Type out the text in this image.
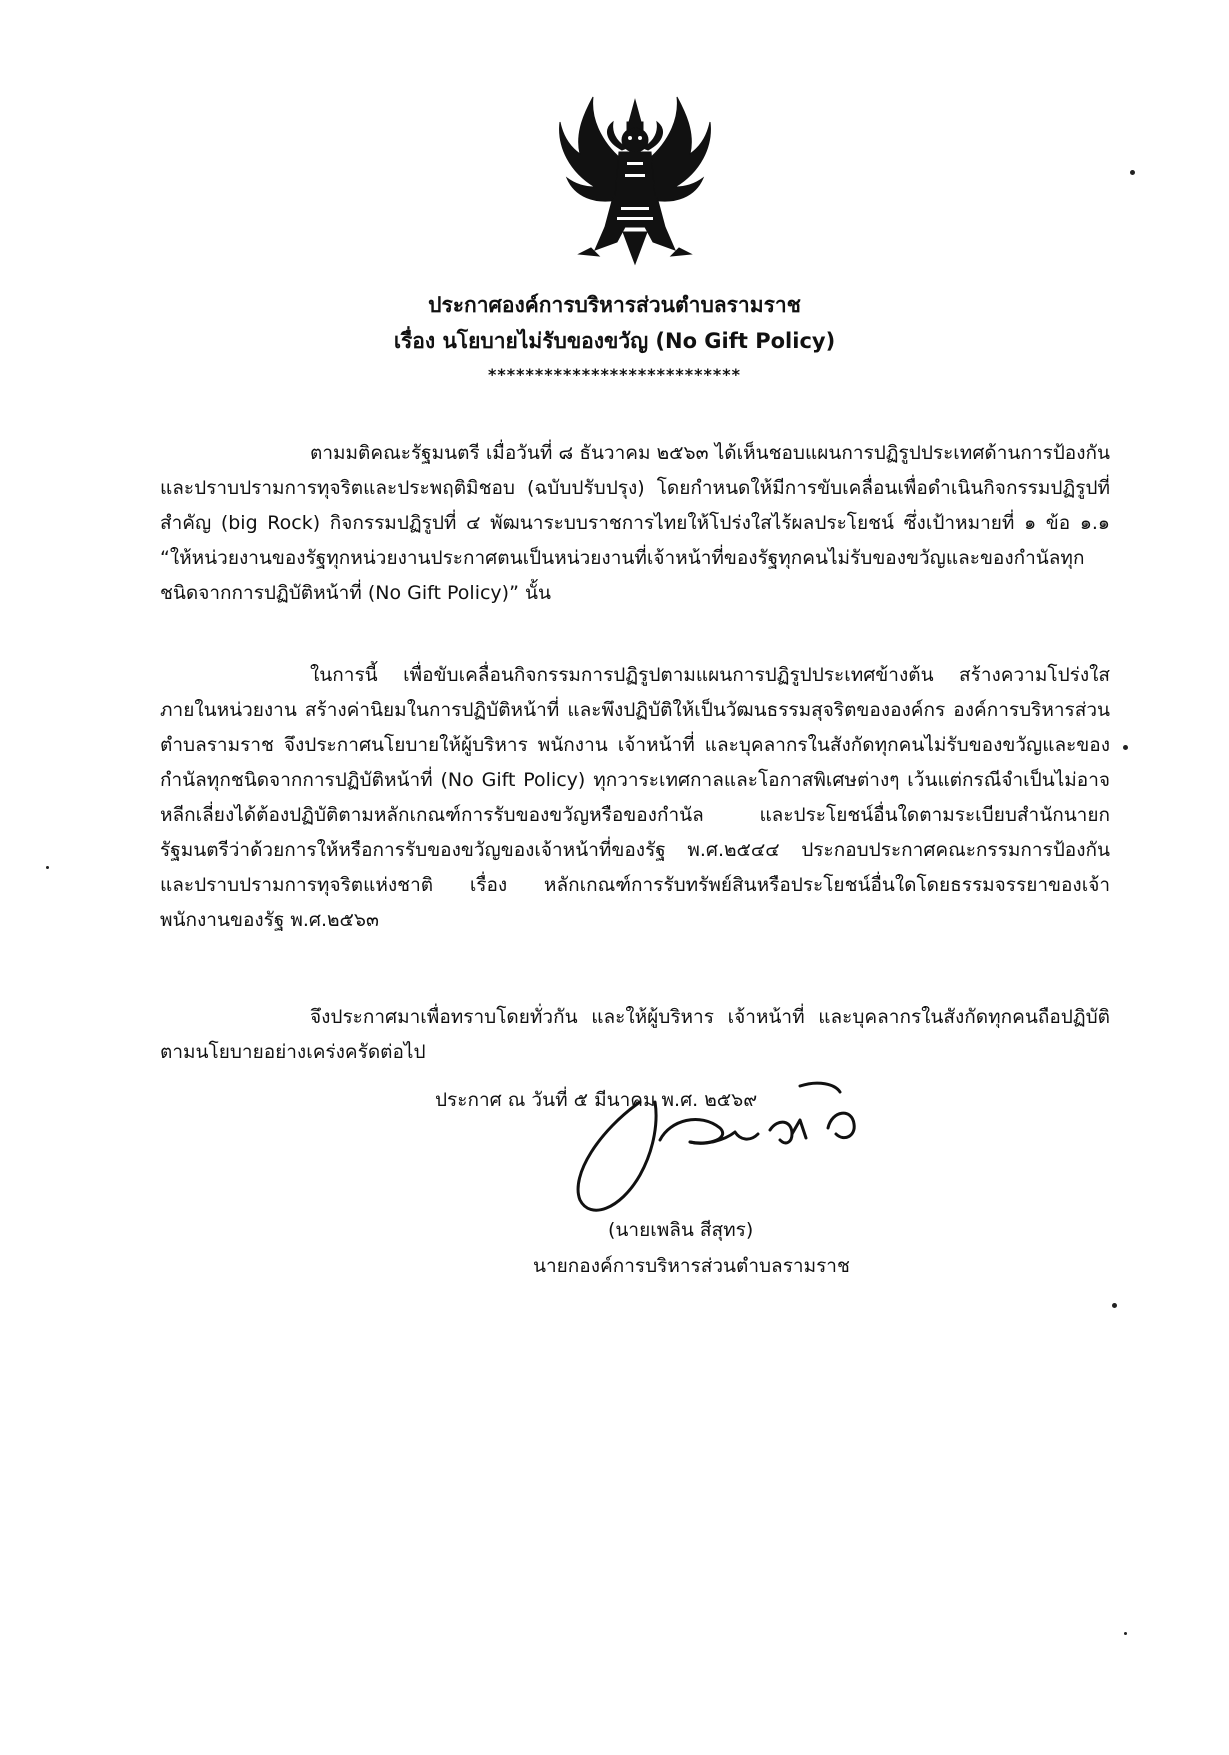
ประกาศองค์การบริหารส่วนตำบลรามราช

เรื่อง นโยบายไม่รับของขวัญ (No Gift Policy)

***************************

ตามมติคณะรัฐมนตรี เมื่อวันที่ ๘ ธันวาคม ๒๕๖๓ ได้เห็นชอบแผนการปฏิรูปประเทศด้านการป้องกันและปราบปรามการทุจริตและประพฤติมิชอบ (ฉบับปรับปรุง) โดยกำหนดให้มีการขับเคลื่อนเพื่อดำเนินกิจกรรมปฏิรูปที่สำคัญ (big Rock) กิจกรรมปฏิรูปที่ ๔ พัฒนาระบบราชการไทยให้โปร่งใสไร้ผลประโยชน์ ซึ่งเป้าหมายที่ ๑ ข้อ ๑.๑ “ให้หน่วยงานของรัฐทุกหน่วยงานประกาศตนเป็นหน่วยงานที่เจ้าหน้าที่ของรัฐทุกคนไม่รับของขวัญและของกำนัลทุกชนิดจากการปฏิบัติหน้าที่ (No Gift Policy)” นั้น

ในการนี้ เพื่อขับเคลื่อนกิจกรรมการปฏิรูปตามแผนการปฏิรูปประเทศข้างต้น สร้างความโปร่งใสภายในหน่วยงาน สร้างค่านิยมในการปฏิบัติหน้าที่ และพึงปฏิบัติให้เป็นวัฒนธรรมสุจริตขององค์กร องค์การบริหารส่วนตำบลรามราช จึงประกาศนโยบายให้ผู้บริหาร พนักงาน เจ้าหน้าที่ และบุคลากรในสังกัดทุกคนไม่รับของขวัญและของกำนัลทุกชนิดจากการปฏิบัติหน้าที่ (No Gift Policy) ทุกวาระเทศกาลและโอกาสพิเศษต่างๆ เว้นแต่กรณีจำเป็นไม่อาจหลีกเลี่ยงได้ต้องปฏิบัติตามหลักเกณฑ์การรับของขวัญหรือของกำนัล และประโยชน์อื่นใดตามระเบียบสำนักนายกรัฐมนตรีว่าด้วยการให้หรือการรับของขวัญของเจ้าหน้าที่ของรัฐ พ.ศ.๒๕๔๔ ประกอบประกาศคณะกรรมการป้องกันและปราบปรามการทุจริตแห่งชาติ เรื่อง หลักเกณฑ์การรับทรัพย์สินหรือประโยชน์อื่นใดโดยธรรมจรรยาของเจ้าพนักงานของรัฐ พ.ศ.๒๕๖๓

จึงประกาศมาเพื่อทราบโดยทั่วกัน และให้ผู้บริหาร เจ้าหน้าที่ และบุคลากรในสังกัดทุกคนถือปฏิบัติตามนโยบายอย่างเคร่งครัดต่อไป

ประกาศ ณ วันที่ ๕ มีนาคม พ.ศ. ๒๕๖๙

(นายเพลิน สีสุทร)

นายกองค์การบริหารส่วนตำบลรามราช
